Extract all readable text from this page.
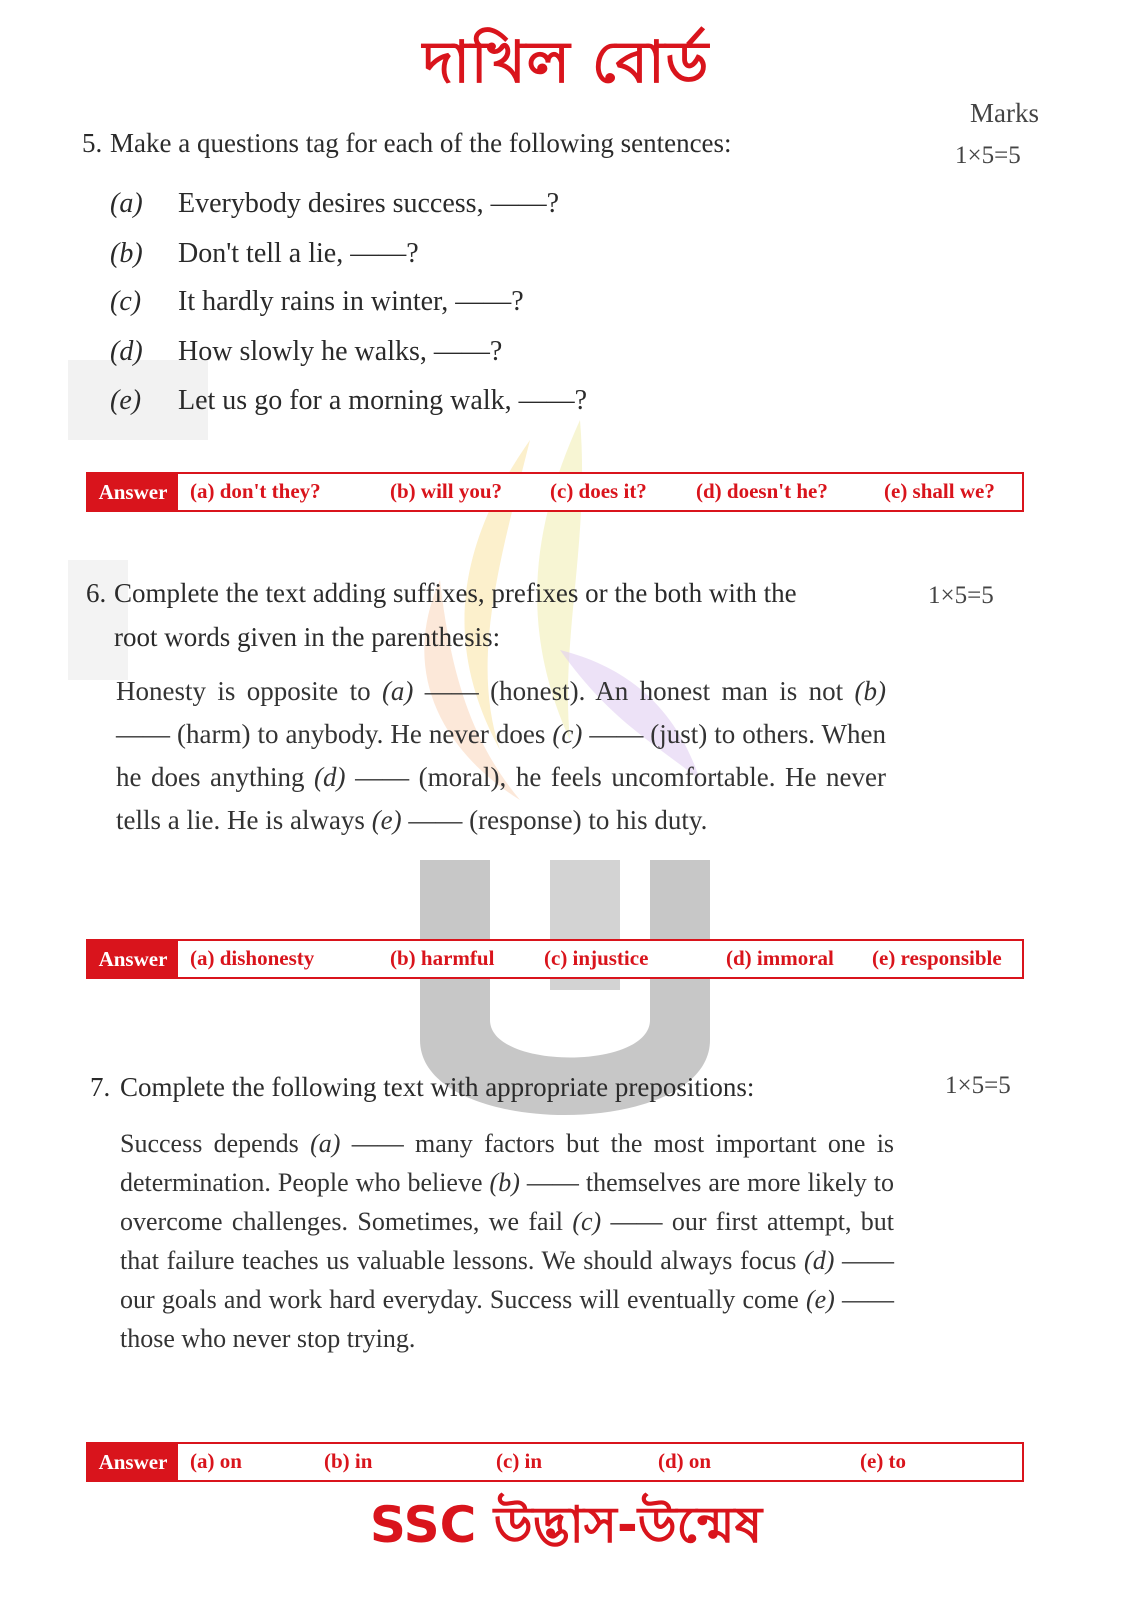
দাখিল বোর্ড
Marks
5. Make a questions tag for each of the following sentences:	1×5=5
(a) Everybody desires success, ——?
(b) Don't tell a lie, ——?
(c) It hardly rains in winter, ——?
(d) How slowly he walks, ——?
(e) Let us go for a morning walk, ——?
Answer	(a) don't they?	(b) will you? (c) does it? (d) doesn't he?	(e) shall we?
6. Complete the text adding suffixes, prefixes or the both with the
root words given in the parenthesis:
1×5=5
Honesty is opposite to (a) —— (honest). An honest man is not (b) —— (harm) to anybody. He never does (c) —— (just) to others. When he does anything (d) —— (moral), he feels uncomfortable. He never tells a lie. He is always (e) —— (response) to his duty.
Answer	(a) dishonesty	(b) harmful (c) injustice	(d) immoral (e) responsible
7. Complete the following text with appropriate prepositions:	1×5=5
Success depends (a) —— many factors but the most important one is determination. People who believe (b) —— themselves are more likely to overcome challenges. Sometimes, we fail (c) —— our first attempt, but that failure teaches us valuable lessons. We should always focus (d) —— our goals and work hard everyday. Success will eventually come (e) —— those who never stop trying.
Answer	(a) on	(b) in	(c) in	(d) on	(e) to
SSC উদ্ভাস-উন্মেষ
